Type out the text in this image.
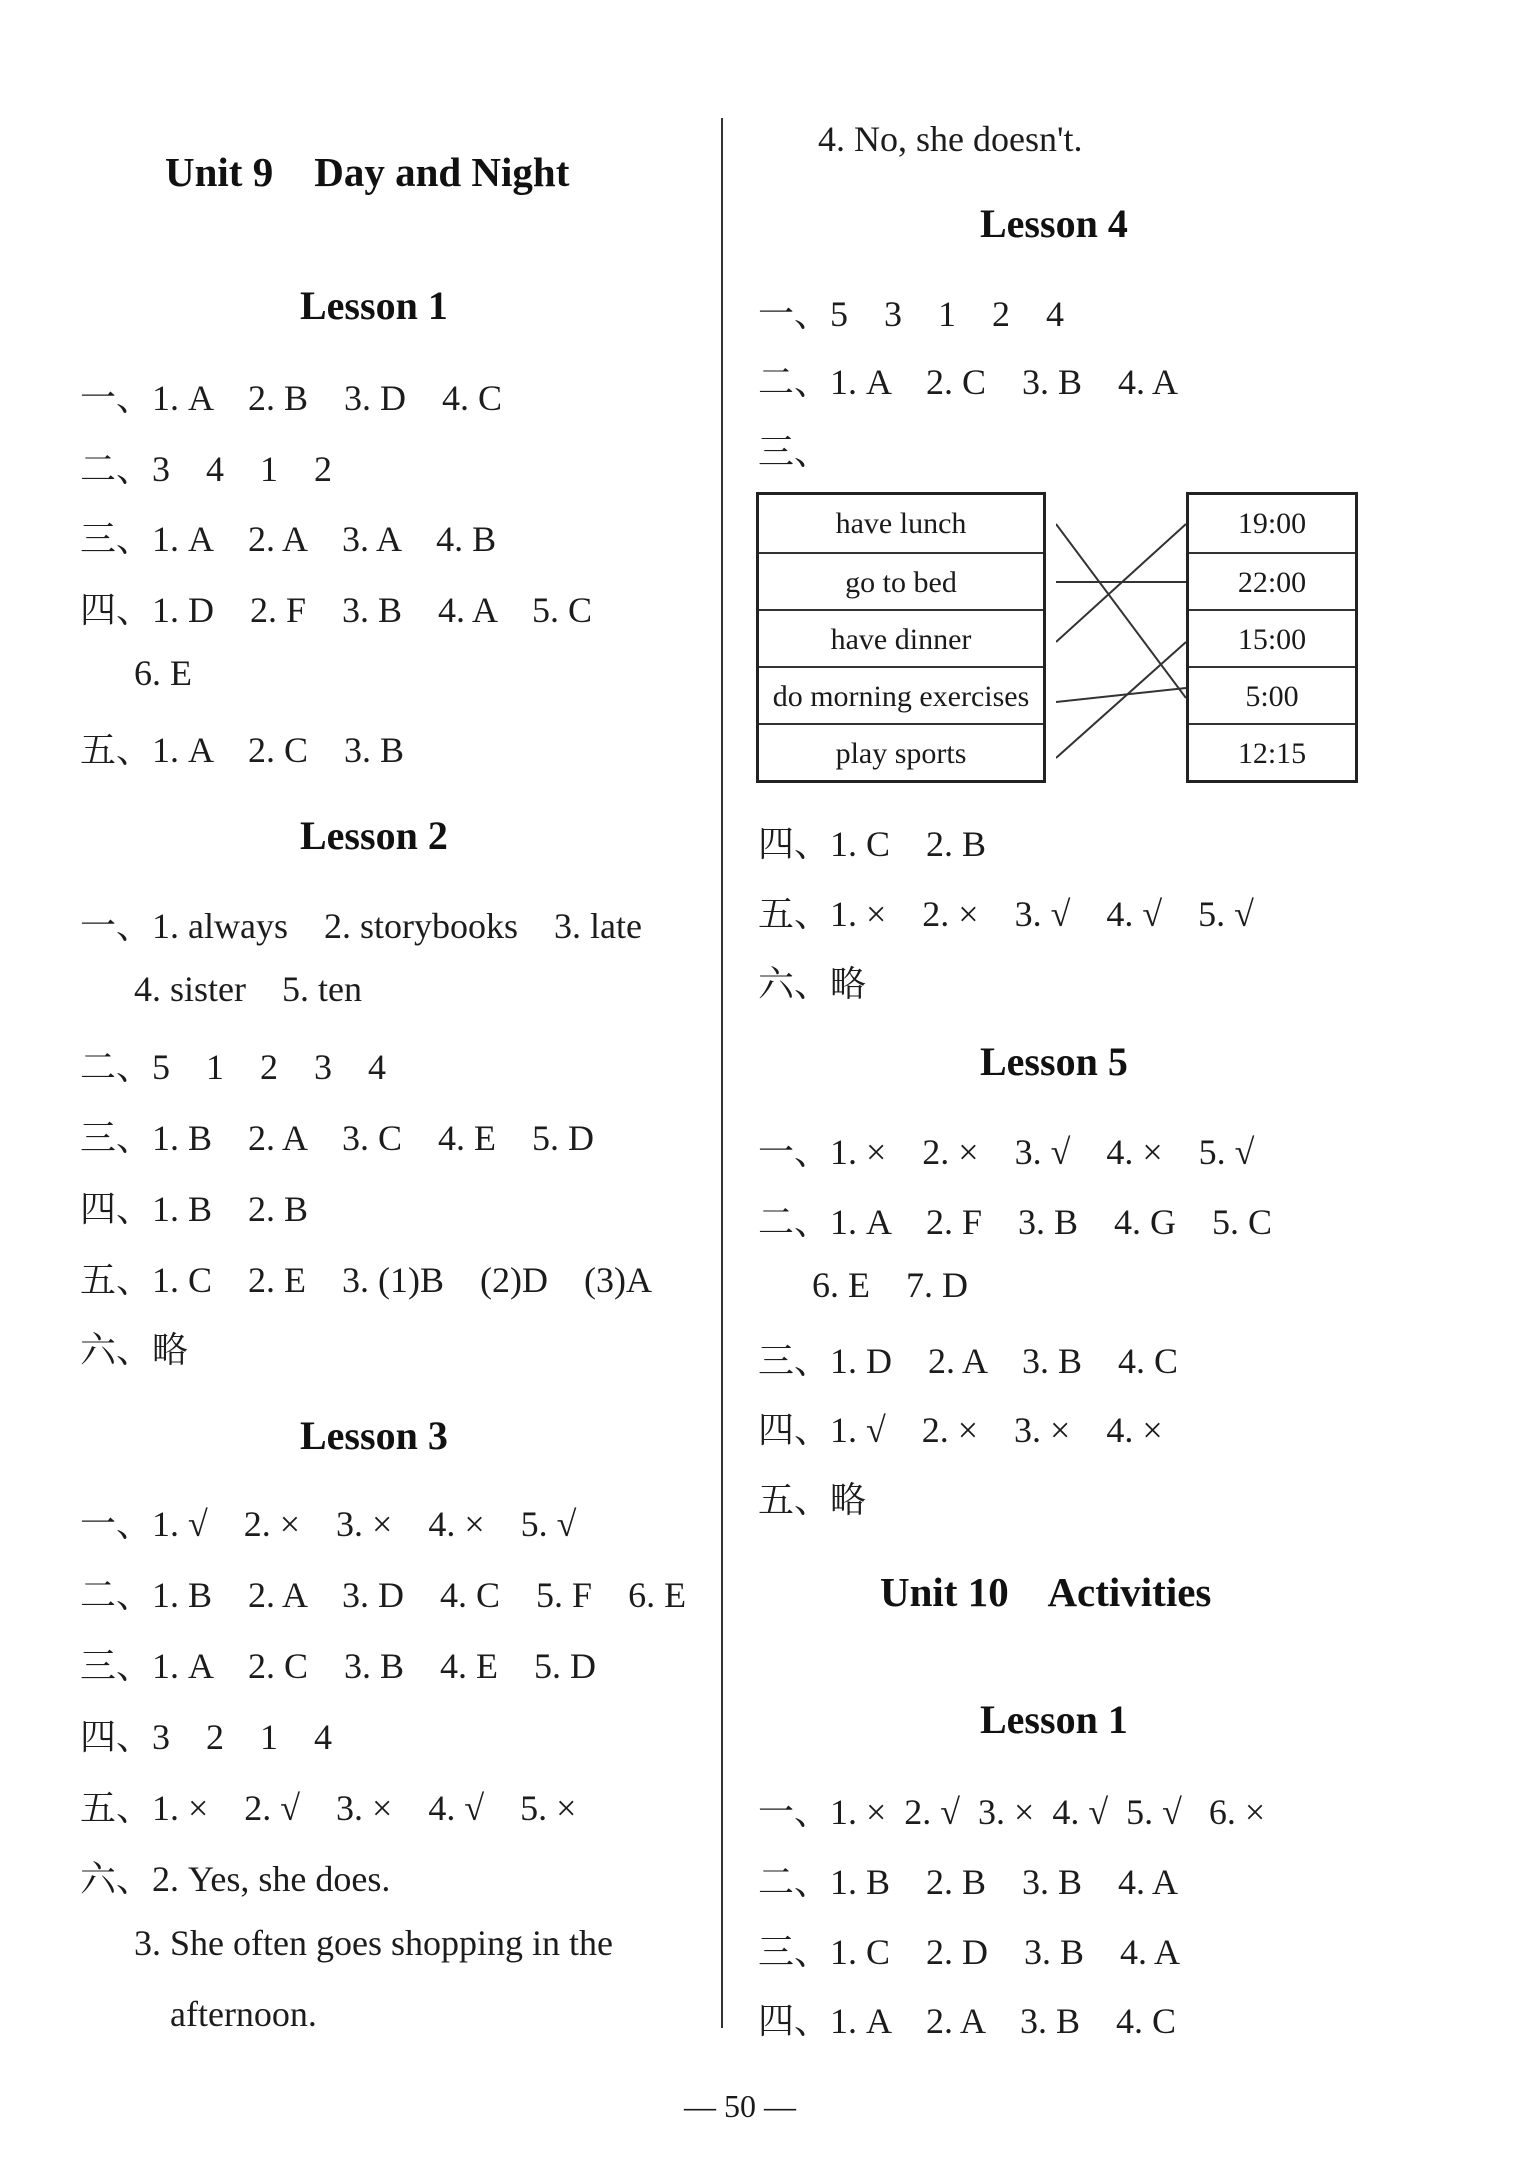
Unit 9    Day and Night
Lesson 1
一、1. A    2. B    3. D    4. C
二、3    4    1    2
三、1. A    2. A    3. A    4. B
四、1. D    2. F    3. B    4. A    5. C
6. E
五、1. A    2. C    3. B
Lesson 2
一、1. always    2. storybooks    3. late
4. sister    5. ten
二、5    1    2    3    4
三、1. B    2. A    3. C    4. E    5. D
四、1. B    2. B
五、1. C    2. E    3. (1)B    (2)D    (3)A
六、略
Lesson 3
一、1. √    2. ×    3. ×    4. ×    5. √
二、1. B    2. A    3. D    4. C    5. F    6. E
三、1. A    2. C    3. B    4. E    5. D
四、3    2    1    4
五、1. ×    2. √    3. ×    4. √    5. ×
六、2. Yes, she does.
3. She often goes shopping in the
afternoon.
4. No, she doesn't.
Lesson 4
一、5    3    1    2    4
二、1. A    2. C    3. B    4. A
三、
have lunch
go to bed
have dinner
do morning exercises
play sports
19:00
22:00
15:00
5:00
12:15
四、1. C    2. B
五、1. ×    2. ×    3. √    4. √    5. √
六、略
Lesson 5
一、1. ×    2. ×    3. √    4. ×    5. √
二、1. A    2. F    3. B    4. G    5. C
6. E    7. D
三、1. D    2. A    3. B    4. C
四、1. √    2. ×    3. ×    4. ×
五、略
Unit 10    Activities
Lesson 1
一、1. ×  2. √  3. ×  4. √  5. √   6. ×
二、1. B    2. B    3. B    4. A
三、1. C    2. D    3. B    4. A
四、1. A    2. A    3. B    4. C
— 50 —
